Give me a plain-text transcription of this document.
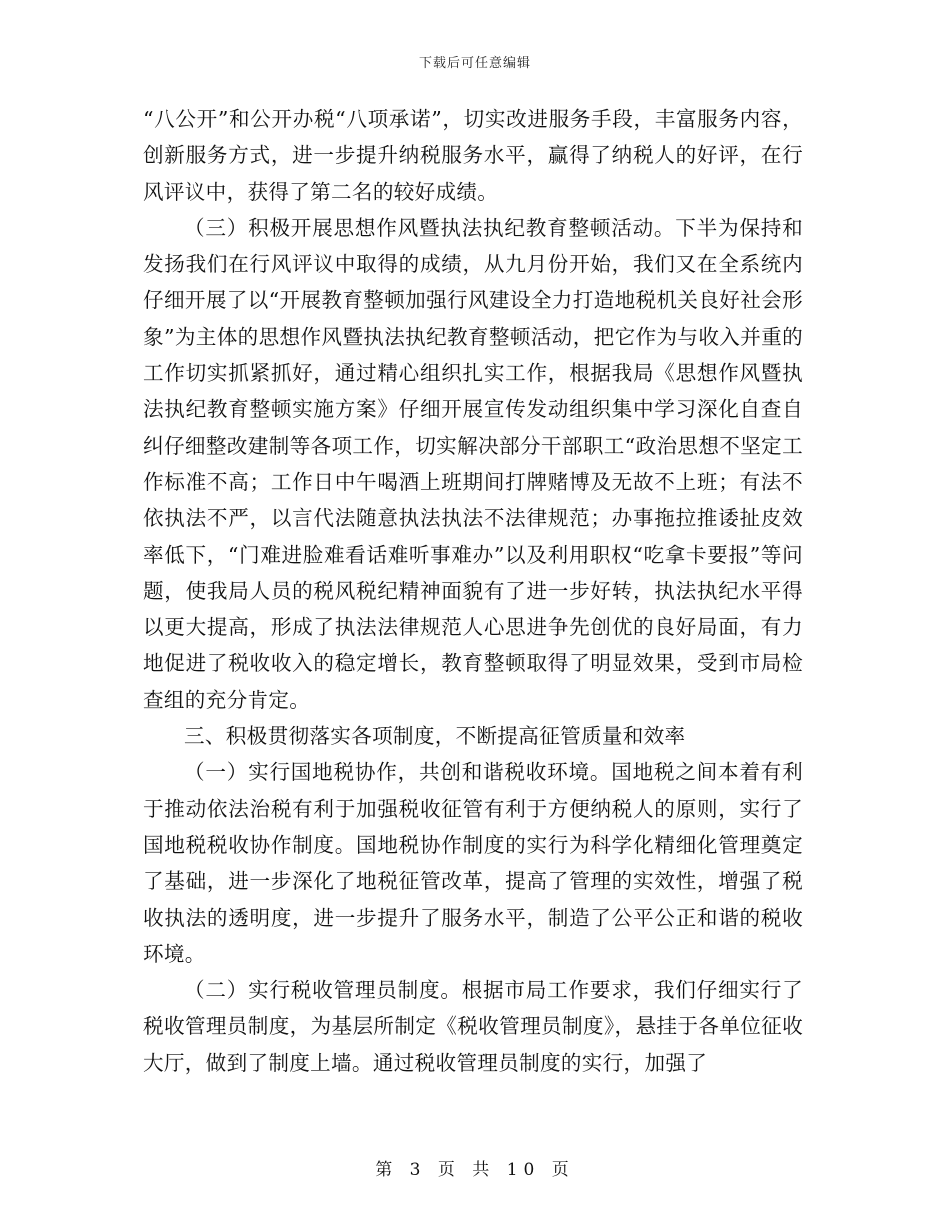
下载后可任意编辑

“八公开”和公开办税“八项承诺”，切实改进服务手段，丰富服务内容，创新服务方式，进一步提升纳税服务水平，赢得了纳税人的好评，在行风评议中，获得了第二名的较好成绩。

（三）积极开展思想作风暨执法执纪教育整顿活动。下半为保持和发扬我们在行风评议中取得的成绩，从九月份开始，我们又在全系统内仔细开展了以“开展教育整顿加强行风建设全力打造地税机关良好社会形象”为主体的思想作风暨执法执纪教育整顿活动，把它作为与收入并重的工作切实抓紧抓好，通过精心组织扎实工作，根据我局《思想作风暨执法执纪教育整顿实施方案》仔细开展宣传发动组织集中学习深化自查自纠仔细整改建制等各项工作，切实解决部分干部职工“政治思想不坚定工作标准不高；工作日中午喝酒上班期间打牌赌博及无故不上班；有法不依执法不严，以言代法随意执法执法不法律规范；办事拖拉推诿扯皮效率低下，“门难进脸难看话难听事难办”以及利用职权“吃拿卡要报”等问题，使我局人员的税风税纪精神面貌有了进一步好转，执法执纪水平得以更大提高，形成了执法法律规范人心思进争先创优的良好局面，有力地促进了税收收入的稳定增长，教育整顿取得了明显效果，受到市局检查组的充分肯定。

三、积极贯彻落实各项制度，不断提高征管质量和效率

（一）实行国地税协作，共创和谐税收环境。国地税之间本着有利于推动依法治税有利于加强税收征管有利于方便纳税人的原则，实行了国地税税收协作制度。国地税协作制度的实行为科学化精细化管理奠定了基础，进一步深化了地税征管改革，提高了管理的实效性，增强了税收执法的透明度，进一步提升了服务水平，制造了公平公正和谐的税收环境。

（二）实行税收管理员制度。根据市局工作要求，我们仔细实行了税收管理员制度，为基层所制定《税收管理员制度》，悬挂于各单位征收大厅，做到了制度上墙。通过税收管理员制度的实行，加强了

第 3 页 共 10 页
